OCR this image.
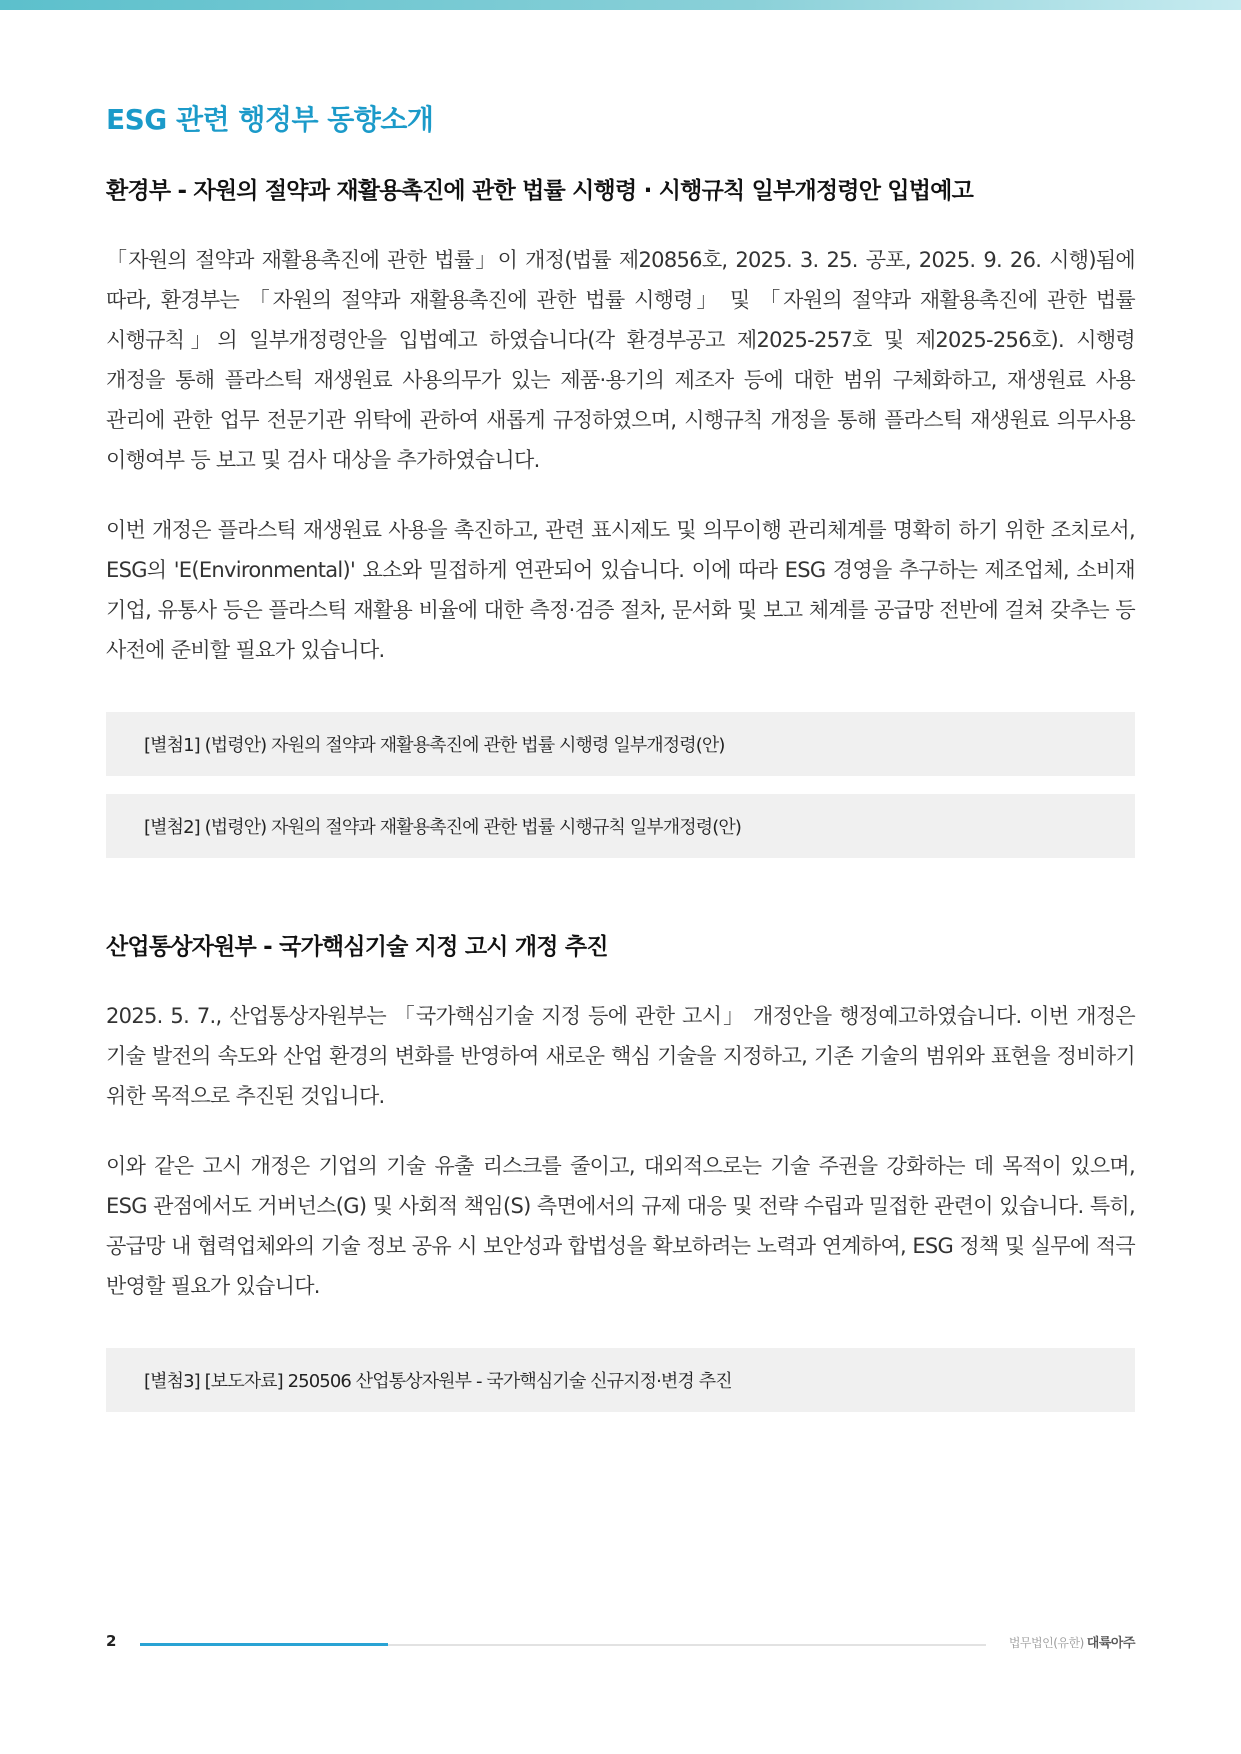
ESG 관련 행정부 동향소개
환경부 - 자원의 절약과 재활용촉진에 관한 법률 시행령 · 시행규칙 일부개정령안 입법예고

「자원의 절약과 재활용촉진에 관한 법률」이 개정(법률 제20856호, 2025. 3. 25. 공포, 2025. 9. 26. 시행)됨에 따라, 환경부는 「자원의 절약과 재활용촉진에 관한 법률 시행령」 및 「자원의 절약과 재활용촉진에 관한 법률 시행규칙」의 일부개정령안을 입법예고 하였습니다(각 환경부공고 제2025-257호 및 제2025-256호). 시행령 개정을 통해 플라스틱 재생원료 사용의무가 있는 제품·용기의 제조자 등에 대한 범위 구체화하고, 재생원료 사용 관리에 관한 업무 전문기관 위탁에 관하여 새롭게 규정하였으며, 시행규칙 개정을 통해 플라스틱 재생원료 의무사용 이행여부 등 보고 및 검사 대상을 추가하였습니다.

이번 개정은 플라스틱 재생원료 사용을 촉진하고, 관련 표시제도 및 의무이행 관리체계를 명확히 하기 위한 조치로서, ESG의 'E(Environmental)' 요소와 밀접하게 연관되어 있습니다. 이에 따라 ESG 경영을 추구하는 제조업체, 소비재 기업, 유통사 등은 플라스틱 재활용 비율에 대한 측정·검증 절차, 문서화 및 보고 체계를 공급망 전반에 걸쳐 갖추는 등 사전에 준비할 필요가 있습니다.

[별첨1] (법령안) 자원의 절약과 재활용촉진에 관한 법률 시행령 일부개정령(안)
[별첨2] (법령안) 자원의 절약과 재활용촉진에 관한 법률 시행규칙 일부개정령(안)
산업통상자원부 - 국가핵심기술 지정 고시 개정 추진

2025. 5. 7., 산업통상자원부는 「국가핵심기술 지정 등에 관한 고시」 개정안을 행정예고하였습니다. 이번 개정은 기술 발전의 속도와 산업 환경의 변화를 반영하여 새로운 핵심 기술을 지정하고, 기존 기술의 범위와 표현을 정비하기 위한 목적으로 추진된 것입니다.

이와 같은 고시 개정은 기업의 기술 유출 리스크를 줄이고, 대외적으로는 기술 주권을 강화하는 데 목적이 있으며, ESG 관점에서도 거버넌스(G) 및 사회적 책임(S) 측면에서의 규제 대응 및 전략 수립과 밀접한 관련이 있습니다. 특히, 공급망 내 협력업체와의 기술 정보 공유 시 보안성과 합법성을 확보하려는 노력과 연계하여, ESG 정책 및 실무에 적극 반영할 필요가 있습니다.

[별첨3] [보도자료] 250506 산업통상자원부 - 국가핵심기술 신규지정·변경 추진
2	법무법인(유한) 대륙아주
